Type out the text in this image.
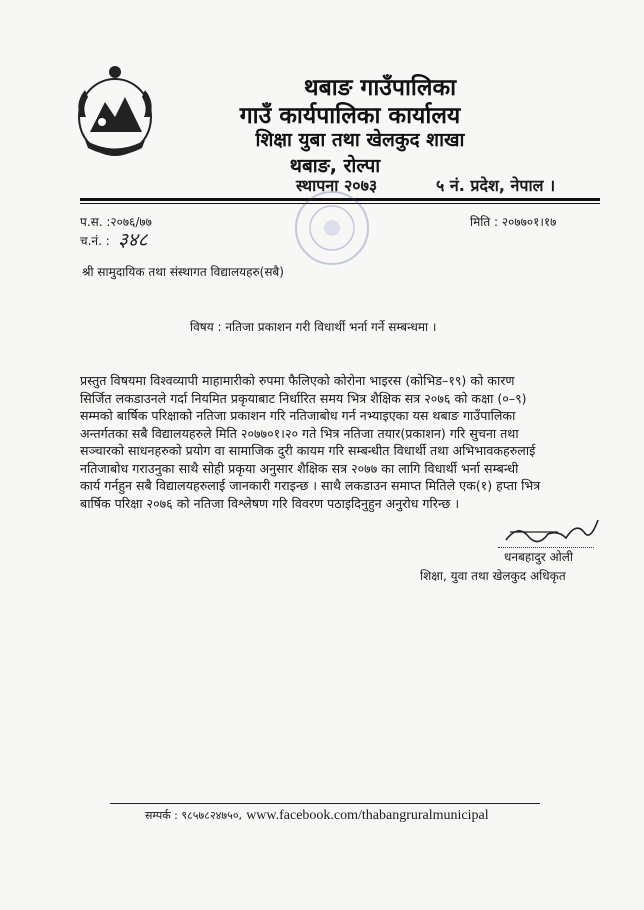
थबाङ गाउँपालिका
गाउँ कार्यपालिका कार्यालय
शिक्षा युबा तथा खेलकुद शाखा
थबाङ, रोल्पा
स्थापना २०७३	५ नं. प्रदेश, नेपाल ।
प.स. :२०७६/७७
च.नं. : ३४८
मिति : २०७७०१।१७
श्री सामुदायिक तथा संस्थागत विद्यालयहरु(सबै)
विषय : नतिजा प्रकाशन गरी विधार्थी भर्ना गर्ने सम्बन्धमा ।
प्रस्तुत विषयमा विश्वव्यापी माहामारीको रुपमा फैलिएको कोरोना भाइरस (कोभिड–१९) को कारण
सिर्जित लकडाउनले गर्दा नियमित प्रकृयाबाट निर्धारित समय भित्र शैक्षिक सत्र २०७६ को कक्षा (०–९)
सम्मको बार्षिक परिक्षाको नतिजा प्रकाशन गरि नतिजाबोध गर्न नभ्याइएका यस थबाङ गाउँपालिका
अन्तर्गतका सबै विद्यालयहरुले मिति २०७७०१।२० गते भित्र नतिजा तयार(प्रकाशन) गरि सुचना तथा
सञ्चारको साधनहरुको प्रयोग वा सामाजिक दुरी कायम गरि सम्बन्धीत विधार्थी तथा अभिभावकहरुलाई
नतिजाबोध गराउनुका साथै सोही प्रकृया अनुसार शैक्षिक सत्र २०७७ का लागि विधार्थी भर्ना सम्बन्धी
कार्य गर्नहुन सबै विद्यालयहरुलाई जानकारी गराइन्छ । साथै लकडाउन समाप्त मितिले एक(१) हप्ता भित्र
बार्षिक परिक्षा २०७६ को नतिजा विश्लेषण गरि विवरण पठाइदिनुहुन अनुरोध गरिन्छ ।
धनबहादुर ओली
शिक्षा, युवा तथा खेलकुद अधिकृत
सम्पर्क : ९८५७८२४७५०, www.facebook.com/thabangruralmunicipal
